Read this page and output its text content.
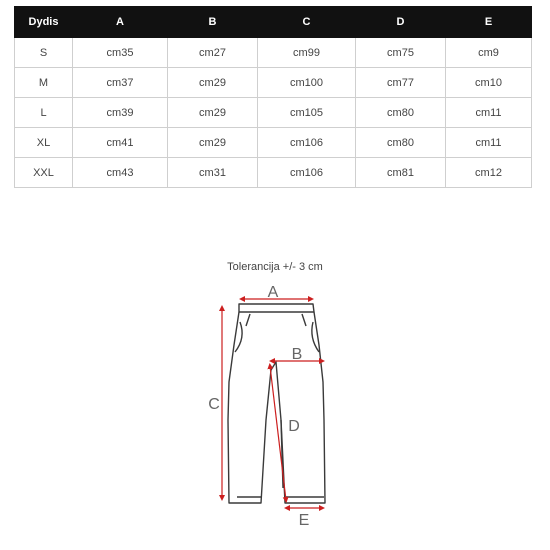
Dydis	A	B	C	D	E
S	cm35	cm27	cm99	cm75	cm9
M	cm37	cm29	cm100	cm77	cm10
L	cm39	cm29	cm105	cm80	cm11
XL	cm41	cm29	cm106	cm80	cm11
XXL	cm43	cm31	cm106	cm81	cm12
Tolerancija +/- 3 cm
A
B
C
D
E
